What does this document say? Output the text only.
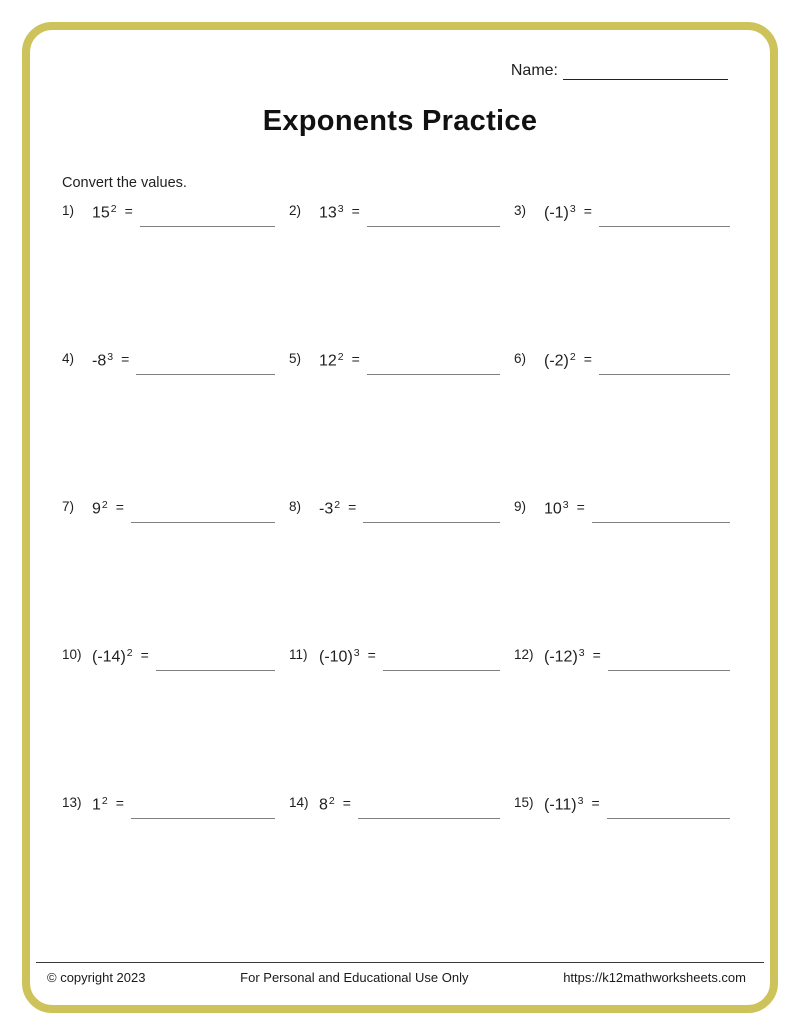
Name:
Exponents Practice
Convert the values.
1)	$15^2$ =	2)	$13^3$ =	3)	$(-1)^3$ =
4)	$-8^3$ =	5)	$12^2$ =	6)	$(-2)^2$ =
7)	$9^2$ =	8)	$-3^2$ =	9)	$10^3$ =
10) $(-14)^2$ =	11) $(-10)^3$ =	12) $(-12)^3$ =
13) $1^2$ =	14) $8^2$ =	15) $(-11)^3$ =
© copyright 2023	For Personal and Educational Use Only	https://k12mathworksheets.com
